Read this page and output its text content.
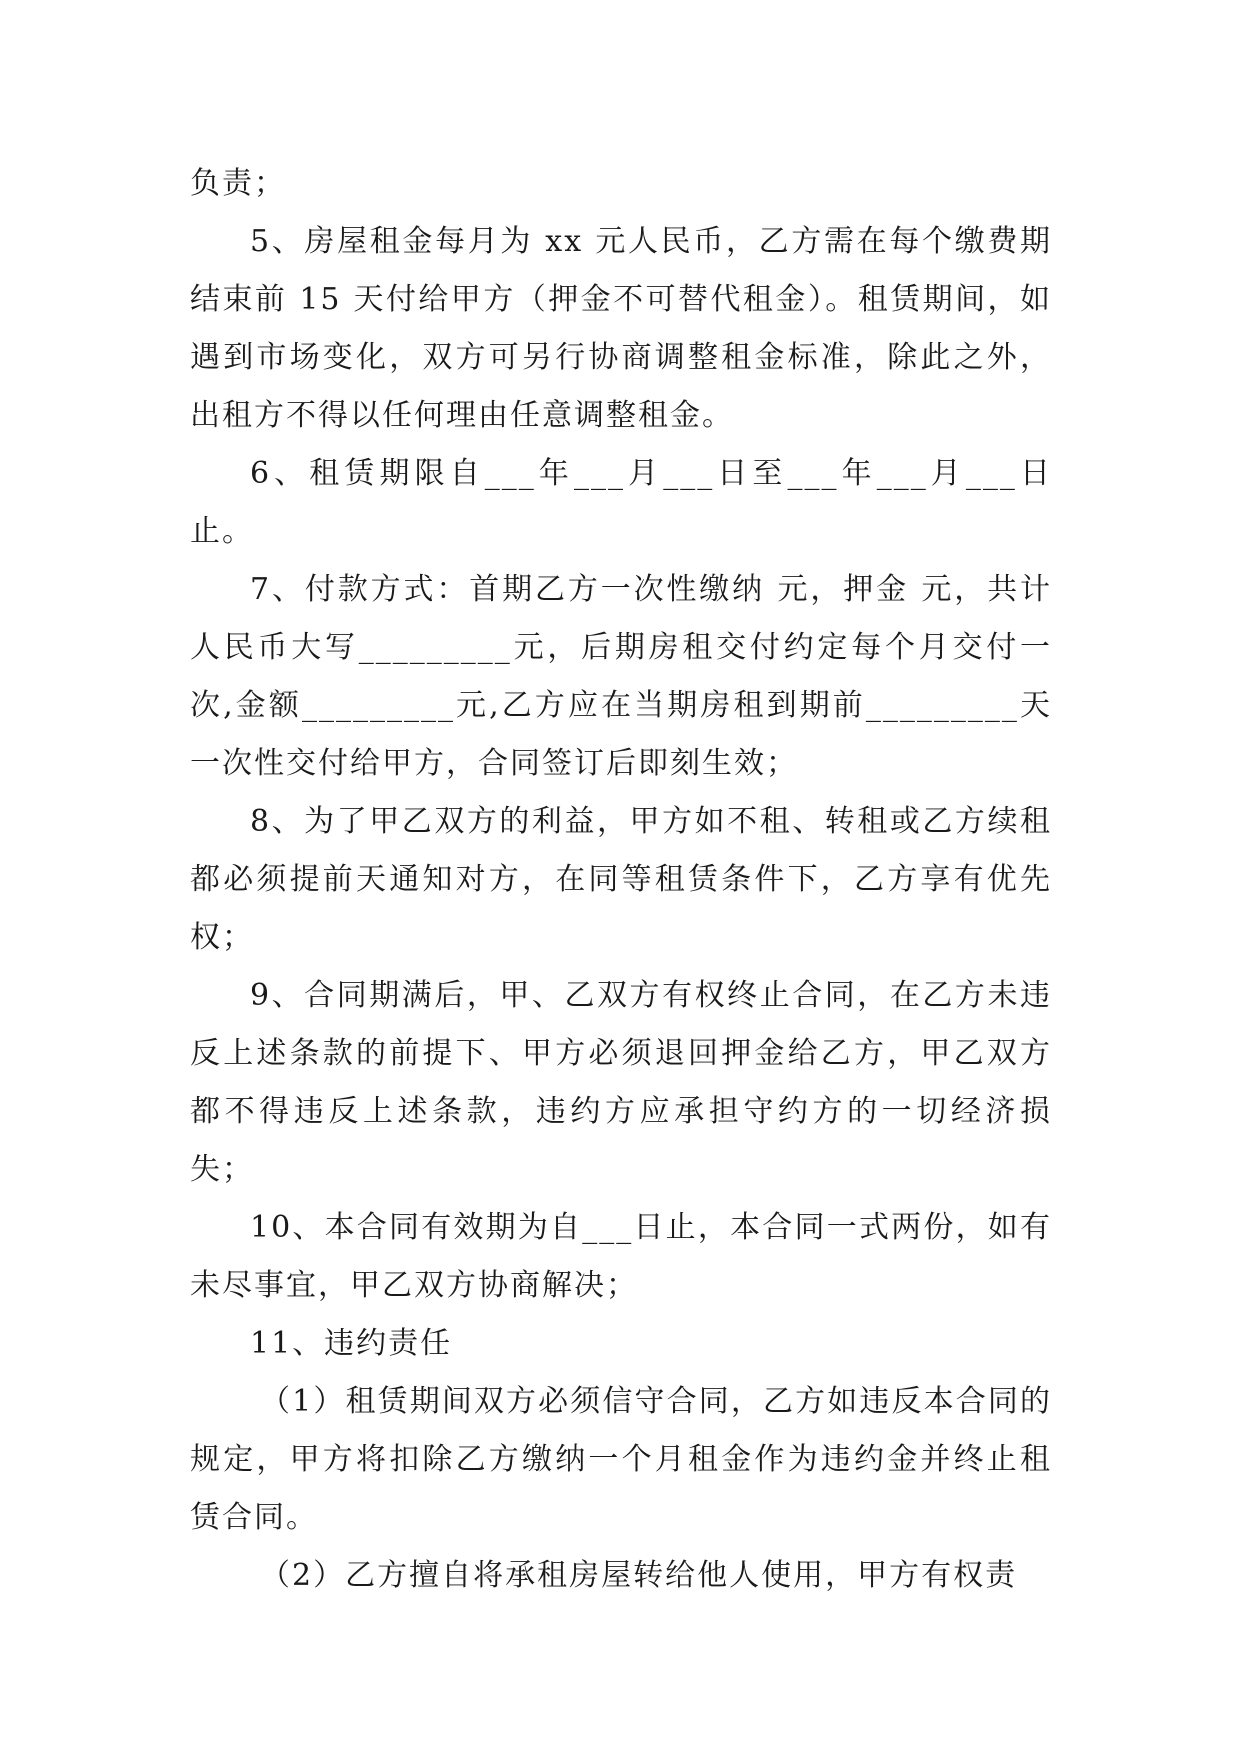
负责；

5、房屋租金每月为 xx 元人民币，乙方需在每个缴费期结束前 15 天付给甲方（押金不可替代租金）。租赁期间，如遇到市场变化，双方可另行协商调整租金标准，除此之外，出租方不得以任何理由任意调整租金。

6、租赁期限自___年___月___日至___年___月___日止。

7、付款方式：首期乙方一次性缴纳 元，押金 元，共计人民币大写_________元，后期房租交付约定每个月交付一次,金额_________元,乙方应在当期房租到期前_________天一次性交付给甲方，合同签订后即刻生效；

8、为了甲乙双方的利益，甲方如不租、转租或乙方续租都必须提前天通知对方，在同等租赁条件下，乙方享有优先权；

9、合同期满后，甲、乙双方有权终止合同，在乙方未违反上述条款的前提下、甲方必须退回押金给乙方，甲乙双方都不得违反上述条款，违约方应承担守约方的一切经济损失；

10、本合同有效期为自___日止，本合同一式两份，如有未尽事宜，甲乙双方协商解决；

11、违约责任

（1）租赁期间双方必须信守合同，乙方如违反本合同的规定，甲方将扣除乙方缴纳一个月租金作为违约金并终止租赁合同。

（2）乙方擅自将承租房屋转给他人使用，甲方有权责
